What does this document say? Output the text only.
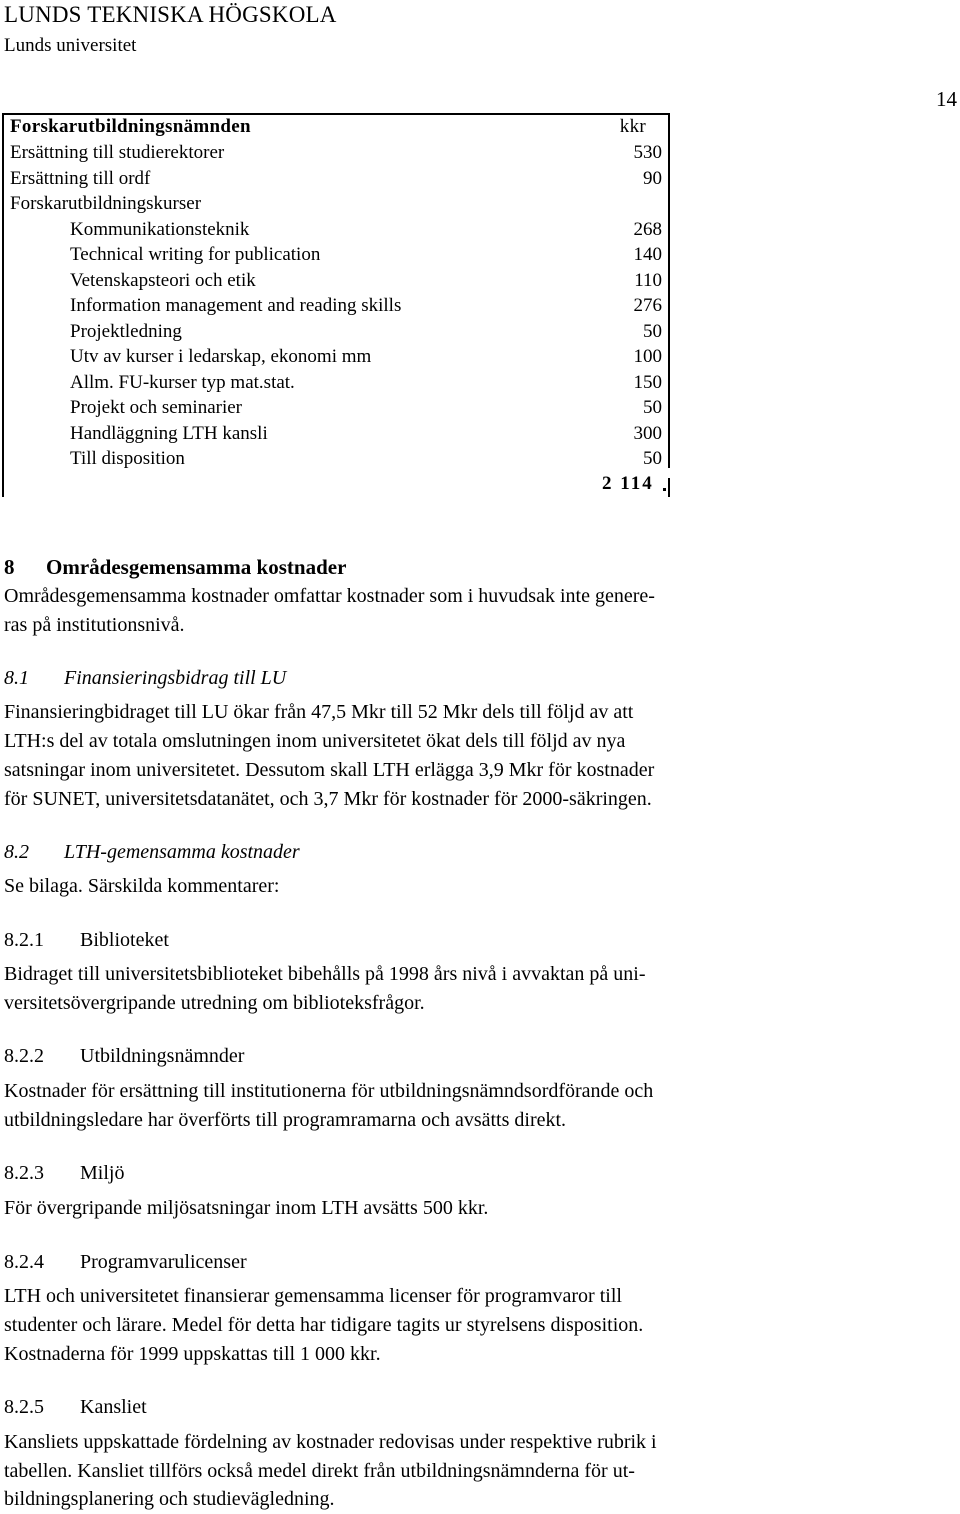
LUNDS TEKNISKA HÖGSKOLA
Lunds universitet
14
Forskarutbildningsnämnden	kkr
Ersättning till studierektorer	530
Ersättning till ordf	90
Forskarutbildningskurser
Kommunikationsteknik	268
Technical writing for publication	140
Vetenskapsteori och etik	110
Information management and reading skills	276
Projektledning	50
Utv av kurser i ledarskap, ekonomi mm	100
Allm. FU-kurser typ mat.stat.	150
Projekt och seminarier	50
Handläggning LTH kansli	300
Till disposition	50
2 114
8 Områdesgemensamma kostnader
Områdesgemensamma kostnader omfattar kostnader som i huvudsak inte genere-
ras på institutionsnivå.
8.1 Finansieringsbidrag till LU
Finansieringbidraget till LU ökar från 47,5 Mkr till 52 Mkr dels till följd av att
LTH:s del av totala omslutningen inom universitetet ökat dels till följd av nya
satsningar inom universitetet. Dessutom skall LTH erlägga 3,9 Mkr för kostnader
för SUNET, universitetsdatanätet, och 3,7 Mkr för kostnader för 2000-säkringen.
8.2 LTH-gemensamma kostnader
Se bilaga. Särskilda kommentarer:
8.2.1 Biblioteket
Bidraget till universitetsbiblioteket bibehålls på 1998 års nivå i avvaktan på uni-
versitetsövergripande utredning om biblioteksfrågor.
8.2.2 Utbildningsnämnder
Kostnader för ersättning till institutionerna för utbildningsnämndsordförande och
utbildningsledare har överförts till programramarna och avsätts direkt.
8.2.3 Miljö
För övergripande miljösatsningar inom LTH avsätts 500 kkr.
8.2.4 Programvarulicenser
LTH och universitetet finansierar gemensamma licenser för programvaror till
studenter och lärare. Medel för detta har tidigare tagits ur styrelsens disposition.
Kostnaderna för 1999 uppskattas till 1 000 kkr.
8.2.5 Kansliet
Kansliets uppskattade fördelning av kostnader redovisas under respektive rubrik i
tabellen. Kansliet tillförs också medel direkt från utbildningsnämnderna för ut-
bildningsplanering och studievägledning.
